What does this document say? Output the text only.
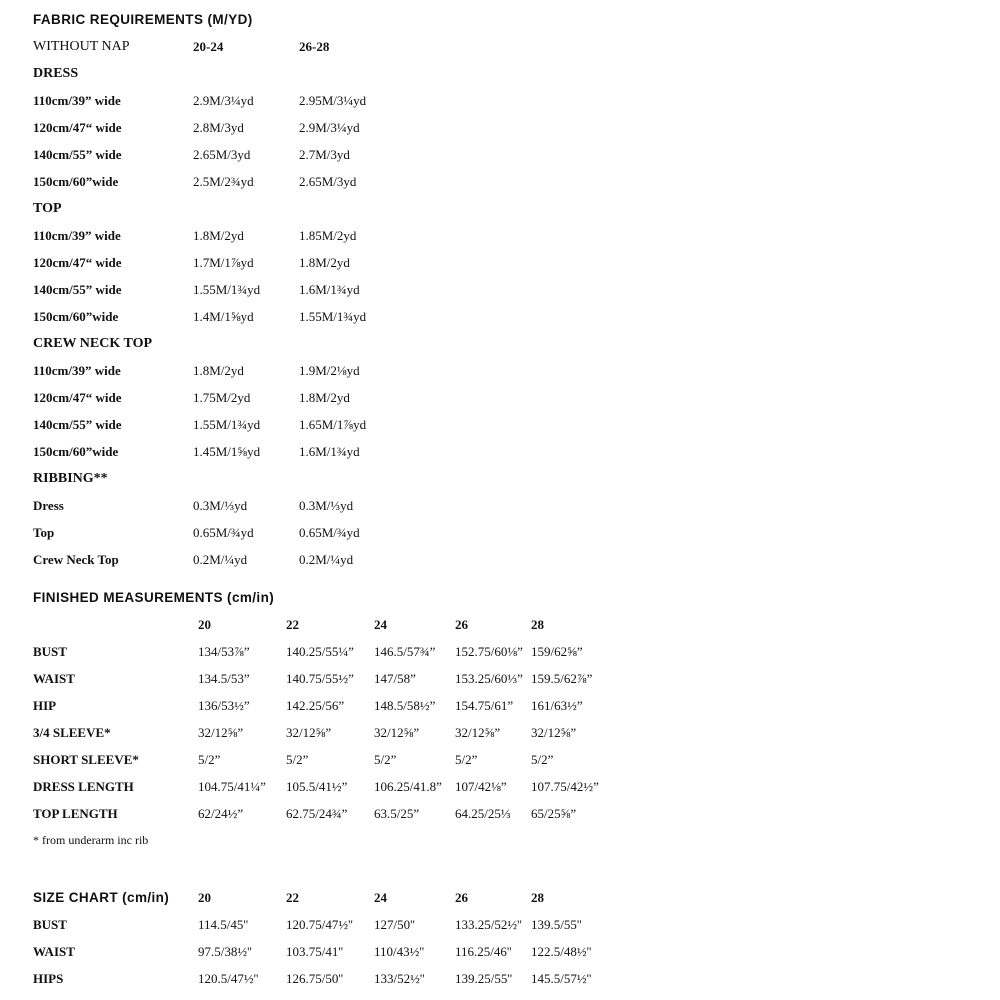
FABRIC REQUIREMENTS (M/YD)
WITHOUT NAP	20-24	26-28
DRESS
110cm/39” wide	2.9M/3¼yd	2.95M/3¼yd
120cm/47“ wide	2.8M/3yd	2.9M/3¼yd
140cm/55” wide	2.65M/3yd	2.7M/3yd
150cm/60”wide	2.5M/2¾yd	2.65M/3yd
TOP
110cm/39” wide	1.8M/2yd	1.85M/2yd
120cm/47“ wide	1.7M/1⅞yd	1.8M/2yd
140cm/55” wide	1.55M/1¾yd	1.6M/1¾yd
150cm/60”wide	1.4M/1⅝yd	1.55M/1¾yd
CREW NECK TOP
110cm/39” wide	1.8M/2yd	1.9M/2⅛yd
120cm/47“ wide	1.75M/2yd	1.8M/2yd
140cm/55” wide	1.55M/1¾yd	1.65M/1⅞yd
150cm/60”wide	1.45M/1⅝yd	1.6M/1¾yd
RIBBING**
Dress	0.3M/⅓yd	0.3M/⅓yd
Top	0.65M/¾yd	0.65M/¾yd
Crew Neck Top	0.2M/¼yd	0.2M/¼yd
FINISHED MEASUREMENTS (cm/in)
20	22	24	26	28
BUST	134/53⅞”	140.25/55¼” 146.5/57¾” 152.75/60⅛” 159/62⅝”
WAIST	134.5/53”	140.75/55½” 147/58”	153.25/60⅓” 159.5/62⅞”
HIP	136/53½”	142.25/56” 148.5/58½” 154.75/61” 161/63½”
3/4 SLEEVE*	32/12⅝”	32/12⅝”	32/12⅝”	32/12⅝” 32/12⅝”
SHORT SLEEVE*	5/2”	5/2”	5/2”	5/2”	5/2”
DRESS LENGTH	104.75/41¼” 105.5/41½” 106.25/41.8” 107/42⅛” 107.75/42½”
TOP LENGTH	62/24½”	62.75/24¾” 63.5/25”	64.25/25⅓ 65/25⅝”
* from underarm inc rib
SIZE CHART (cm/in) 20	22	24	26	28
BUST	114.5/45''	120.75/47½'' 127/50''	133.25/52½'' 139.5/55''
WAIST	97.5/38½''	103.75/41'' 110/43½'' 116.25/46'' 122.5/48½''
HIPS	120.5/47½'' 126.75/50'' 133/52½'' 139.25/55'' 145.5/57½''
